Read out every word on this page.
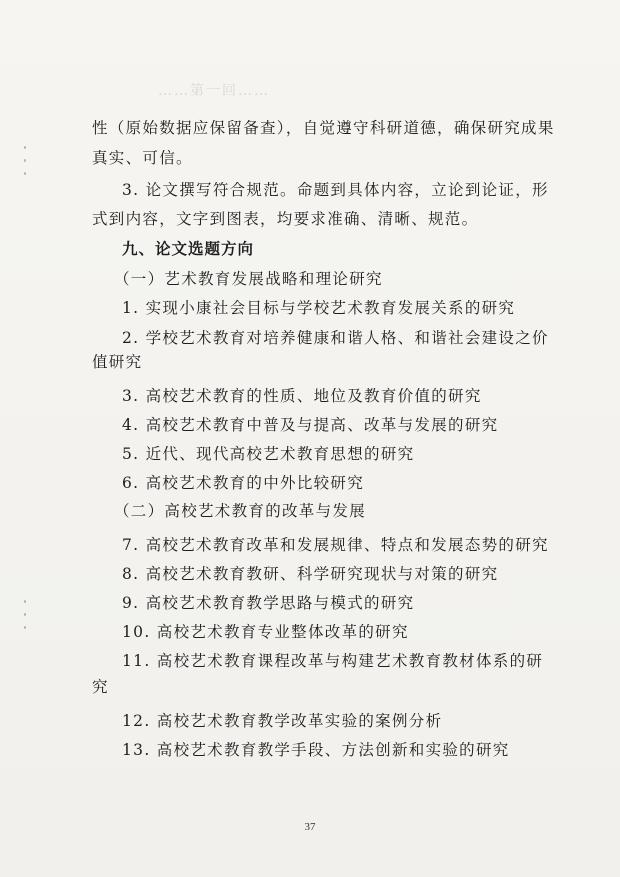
……第一回……
性（原始数据应保留备查），自觉遵守科研道德，确保研究成果
真实、可信。
3. 论文撰写符合规范。命题到具体内容，立论到论证，形
式到内容，文字到图表，均要求准确、清晰、规范。
九、论文选题方向
（一）艺术教育发展战略和理论研究
1. 实现小康社会目标与学校艺术教育发展关系的研究
2. 学校艺术教育对培养健康和谐人格、和谐社会建设之价
值研究
3. 高校艺术教育的性质、地位及教育价值的研究
4. 高校艺术教育中普及与提高、改革与发展的研究
5. 近代、现代高校艺术教育思想的研究
6. 高校艺术教育的中外比较研究
（二）高校艺术教育的改革与发展
7. 高校艺术教育改革和发展规律、特点和发展态势的研究
8. 高校艺术教育教研、科学研究现状与对策的研究
9. 高校艺术教育教学思路与模式的研究
10. 高校艺术教育专业整体改革的研究
11. 高校艺术教育课程改革与构建艺术教育教材体系的研
究
12. 高校艺术教育教学改革实验的案例分析
13. 高校艺术教育教学手段、方法创新和实验的研究
37
